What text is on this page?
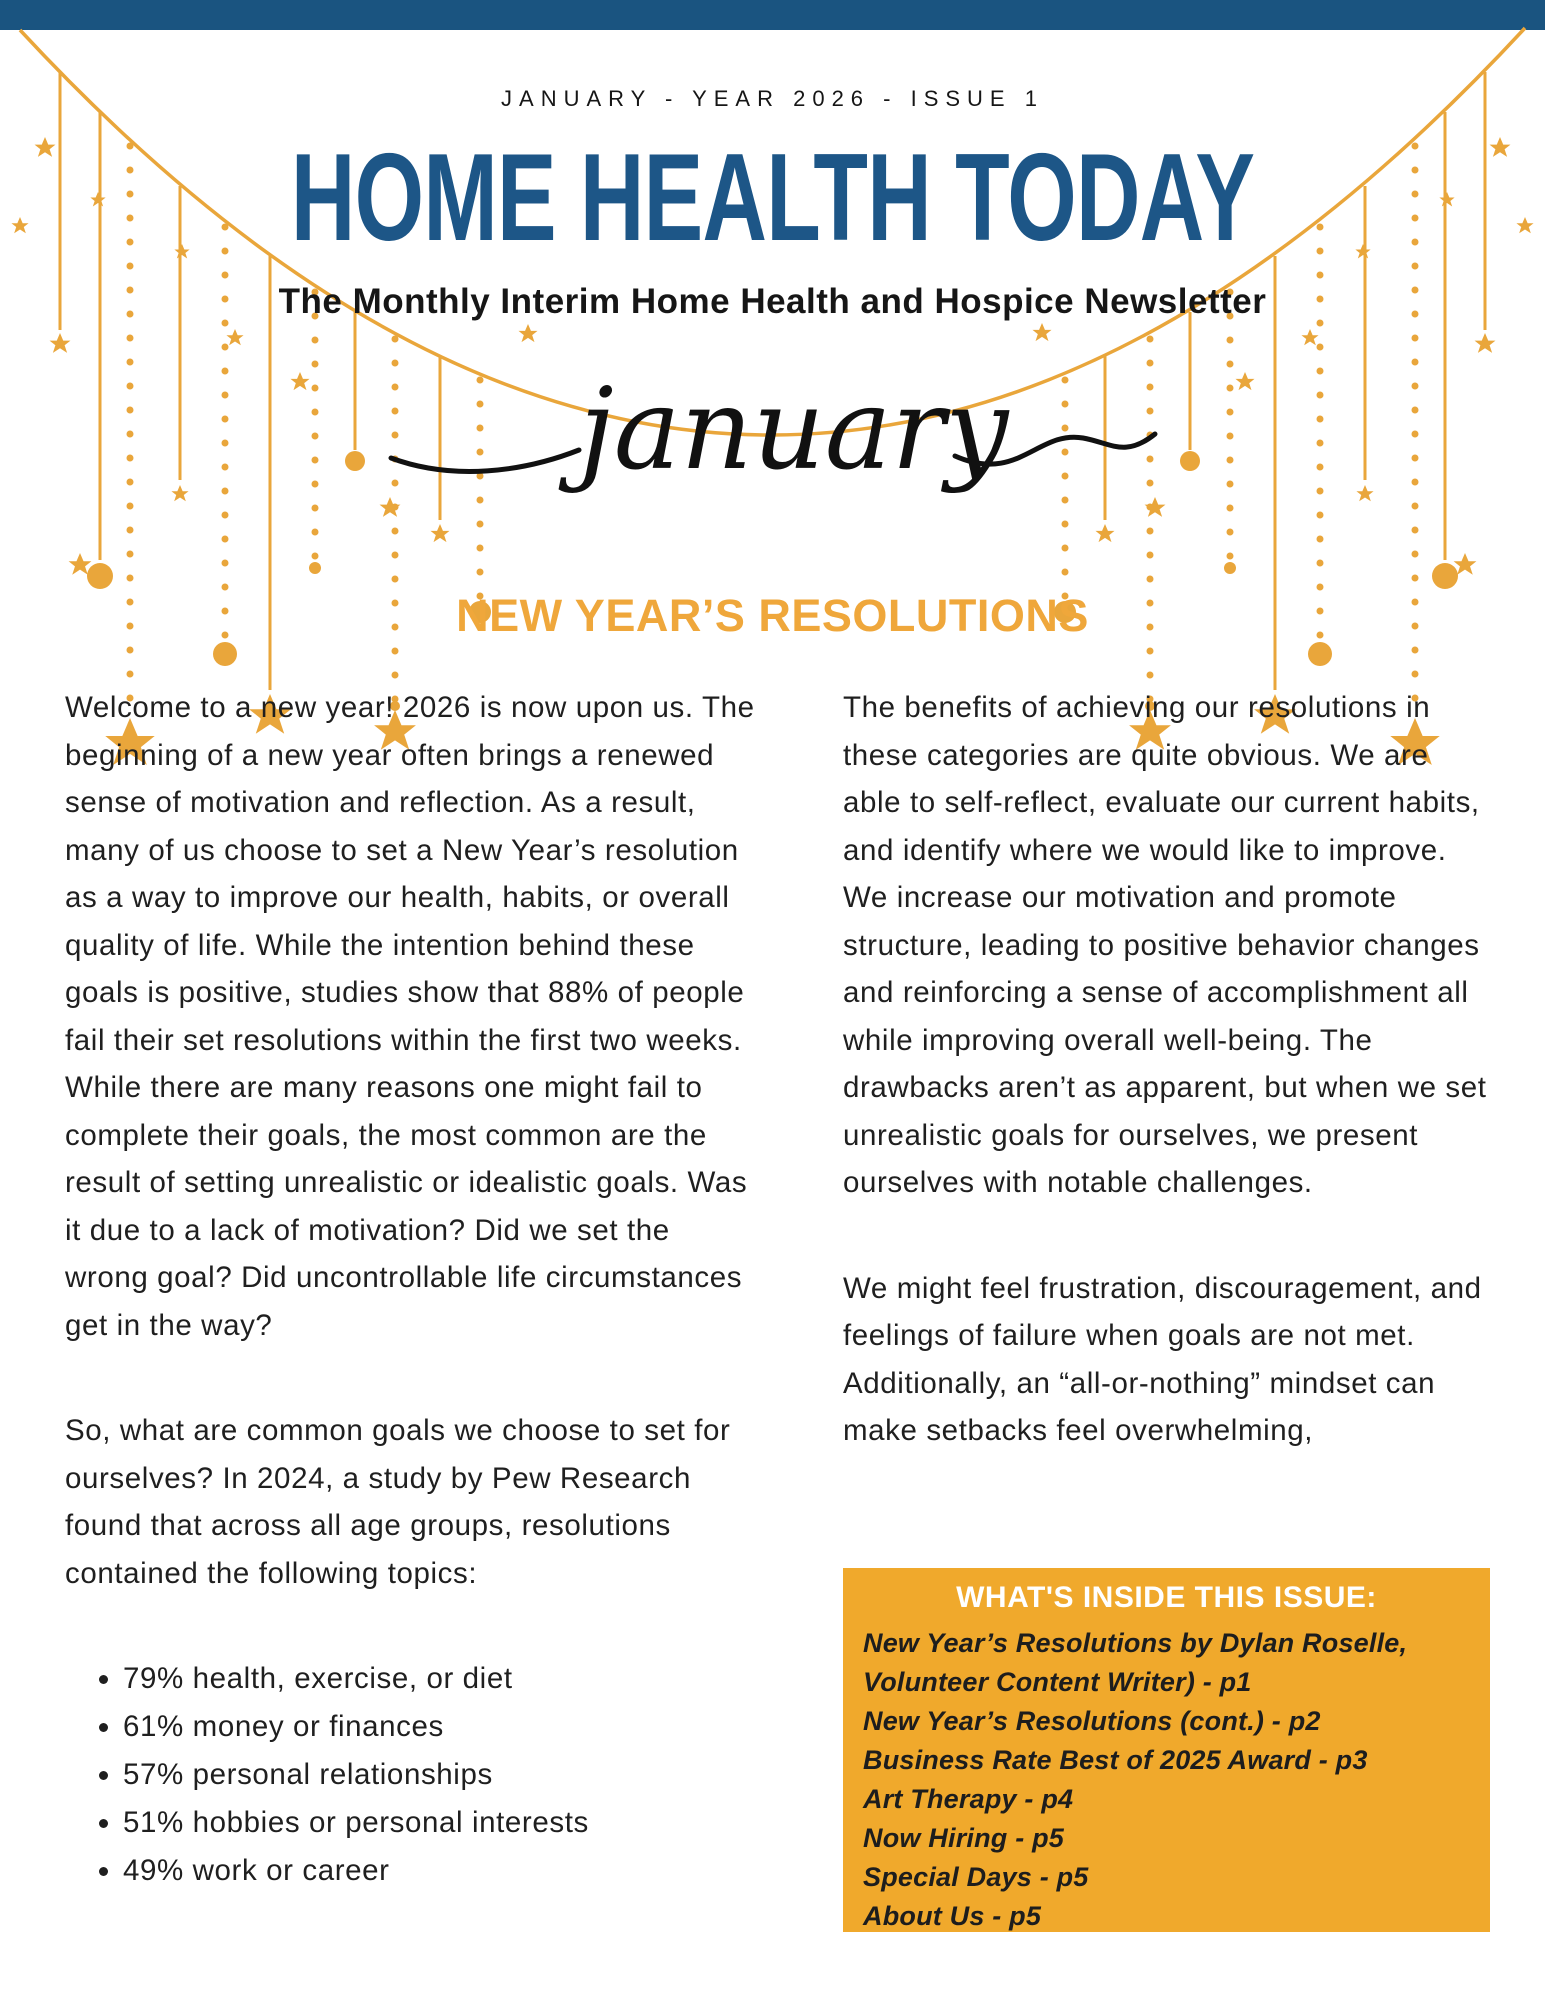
JANUARY - YEAR 2026 - ISSUE 1
HOME HEALTH TODAY
The Monthly Interim Home Health and Hospice Newsletter
january
NEW YEAR’S RESOLUTIONS

Welcome to a new year! 2026 is now upon us. The beginning of a new year often brings a renewed sense of motivation and reflection. As a result, many of us choose to set a New Year’s resolution as a way to improve our health, habits, or overall quality of life. While the intention behind these goals is positive, studies show that 88% of people fail their set resolutions within the first two weeks. While there are many reasons one might fail to complete their goals, the most common are the result of setting unrealistic or idealistic goals. Was it due to a lack of motivation? Did we set the wrong goal? Did uncontrollable life circumstances get in the way?

So, what are common goals we choose to set for ourselves? In 2024, a study by Pew Research found that across all age groups, resolutions contained the following topics:

• 79% health, exercise, or diet
• 61% money or finances
• 57% personal relationships
• 51% hobbies or personal interests
• 49% work or career

The benefits of achieving our resolutions in these categories are quite obvious. We are able to self-reflect, evaluate our current habits, and identify where we would like to improve. We increase our motivation and promote structure, leading to positive behavior changes and reinforcing a sense of accomplishment all while improving overall well-being. The drawbacks aren’t as apparent, but when we set unrealistic goals for ourselves, we present ourselves with notable challenges.

We might feel frustration, discouragement, and feelings of failure when goals are not met. Additionally, an “all-or-nothing” mindset can make setbacks feel overwhelming,

WHAT'S INSIDE THIS ISSUE:
New Year’s Resolutions by Dylan Roselle, Volunteer Content Writer) - p1
New Year’s Resolutions (cont.) - p2
Business Rate Best of 2025 Award - p3
Art Therapy - p4
Now Hiring - p5
Special Days - p5
About Us - p5
